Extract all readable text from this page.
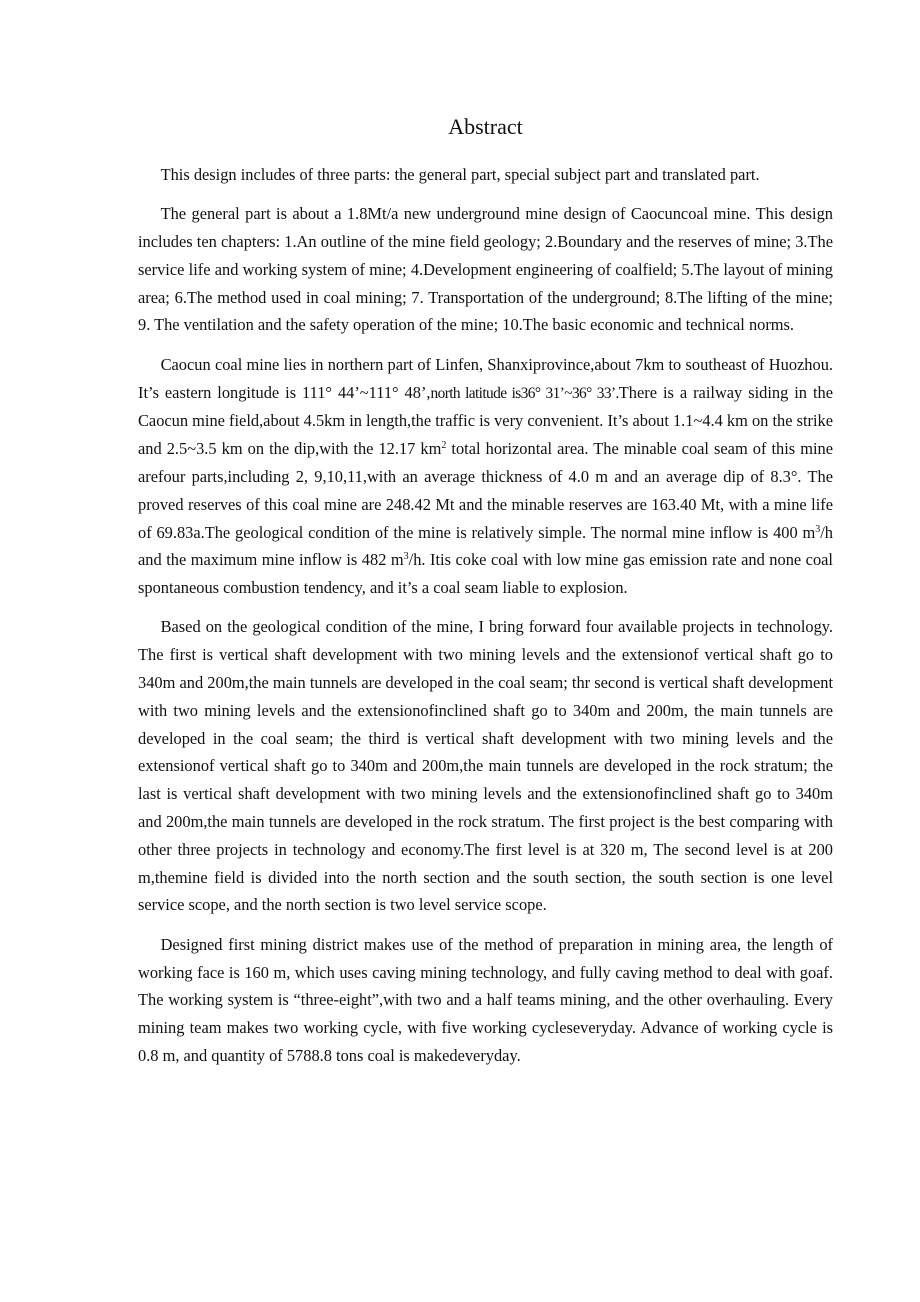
Abstract

  This design includes of three parts: the general part, special subject part and translated part.

  The general part is about a 1.8Mt/a new underground mine design of Caocuncoal mine. This design includes ten chapters: 1.An outline of the mine field geology; 2.Boundary and the reserves of mine; 3.The service life and working system of mine; 4.Development engineering of coalfield; 5.The layout of mining area; 6.The method used in coal mining; 7. Transportation of the underground; 8.The lifting of the mine; 9. The ventilation and the safety operation of the mine; 10.The basic economic and technical norms.

  Caocun coal mine lies in northern part of Linfen, Shanxiprovince,about 7km to southeast of Huozhou. It’s eastern longitude is 111° 44’~111° 48’,north latitude is36° 31’~36° 33’.There is a railway siding in the Caocun mine field,about 4.5km in length,the traffic is very convenient. It’s about 1.1~4.4 km on the strike and 2.5~3.5 km on the dip,with the 12.17 $km^2$ total horizontal area. The minable coal seam of this mine arefour parts,including 2, 9,10,11,with an average thickness of 4.0 m and an average dip of 8.3°. The proved reserves of this coal mine are 248.42 Mt and the minable reserves are 163.40 Mt, with a mine life of 69.83a.The geological condition of the mine is relatively simple. The normal mine inflow is 400 $m^3/h$ and the maximum mine inflow is 482 $m^3/h$. Itis coke coal with low mine gas emission rate and none coal spontaneous combustion tendency, and it’s a coal seam liable to explosion.

  Based on the geological condition of the mine, I bring forward four available projects in technology. The first is vertical shaft development with two mining levels and the extensionof vertical shaft go to 340m and 200m,the main tunnels are developed in the coal seam; thr second is vertical shaft development with two mining levels and the extensionofinclined shaft go to 340m and 200m, the main tunnels are developed in the coal seam; the third is vertical shaft development with two mining levels and the extensionof vertical shaft go to 340m and 200m,the main tunnels are developed in the rock stratum; the last is vertical shaft development with two mining levels and the extensionofinclined shaft go to 340m and 200m,the main tunnels are developed in the rock stratum. The first project is the best comparing with other three projects in technology and economy.The first level is at 320 m, The second level is at 200 m,themine field is divided into the north section and the south section, the south section is one level service scope, and the north section is two level service scope.

  Designed first mining district makes use of the method of preparation in mining area, the length of working face is 160 m, which uses caving mining technology, and fully caving method to deal with goaf. The working system is “three-eight”,with two and a half teams mining, and the other overhauling. Every mining team makes two working cycle, with five working cycleseveryday. Advance of working cycle is 0.8 m, and quantity of 5788.8 tons coal is makedeveryday.
